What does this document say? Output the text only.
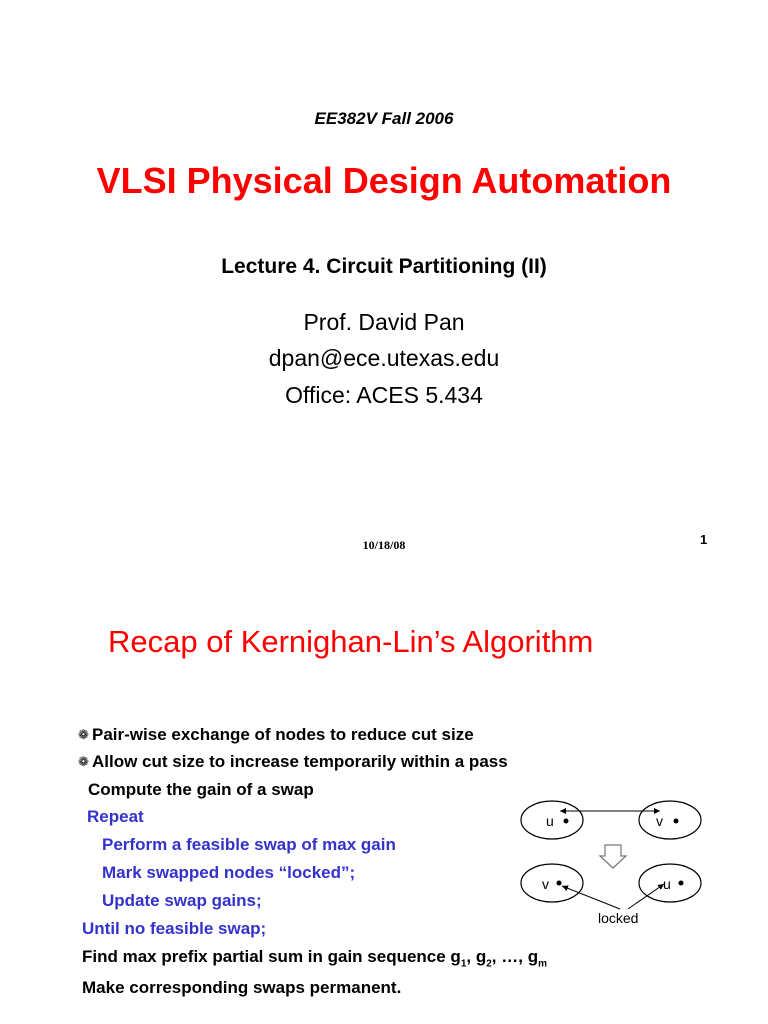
EE382V Fall 2006
VLSI Physical Design Automation
Lecture 4. Circuit Partitioning (II)
Prof. David Pan
dpan@ece.utexas.edu
Office: ACES 5.434
10/18/08	1
Recap of Kernighan-Lin’s Algorithm
❁ Pair-wise exchange of nodes to reduce cut size
❁ Allow cut size to increase temporarily within a pass
Compute the gain of a swap
Repeat
Perform a feasible swap of max gain
Mark swapped nodes “locked”;
Update swap gains;
Until no feasible swap;
Find max prefix partial sum in gain sequence $g_1$, $g_2$, …, $g_m$
Make corresponding swaps permanent.
u	v
v	u
locked
